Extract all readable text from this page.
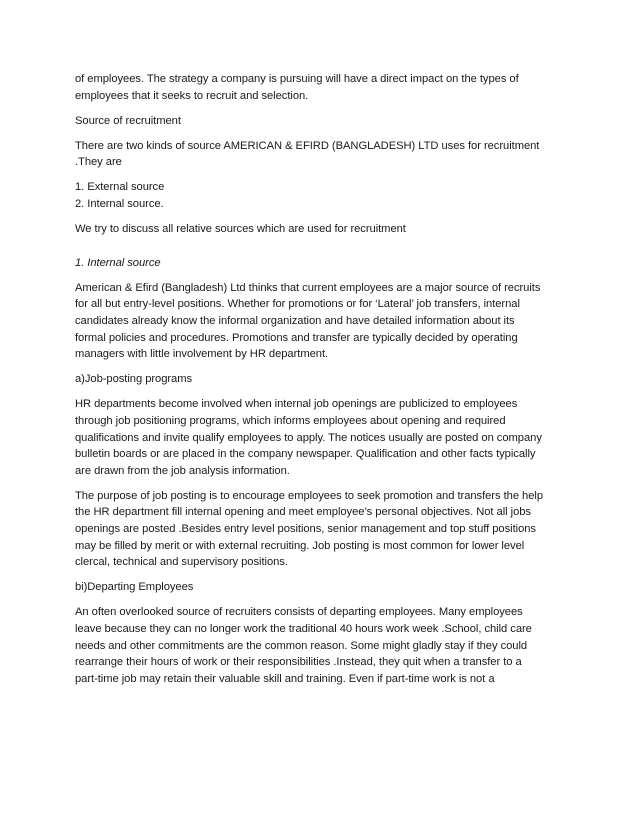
of employees. The strategy a company is pursuing will have a direct impact on the types of
employees that it seeks to recruit and selection.
Source of recruitment
There are two kinds of source AMERICAN & EFIRD (BANGLADESH) LTD uses for recruitment
.They are
1. External source
2. Internal source.
We try to discuss all relative sources which are used for recruitment
1. Internal source
American & Efird (Bangladesh) Ltd thinks that current employees are a major source of recruits
for all but entry-level positions. Whether for promotions or for ‘Lateral’ job transfers, internal
candidates already know the informal organization and have detailed information about its
formal policies and procedures. Promotions and transfer are typically decided by operating
managers with little involvement by HR department.
a)Job-posting programs
HR departments become involved when internal job openings are publicized to employees
through job positioning programs, which informs employees about opening and required
qualifications and invite qualify employees to apply. The notices usually are posted on company
bulletin boards or are placed in the company newspaper. Qualification and other facts typically
are drawn from the job analysis information.
The purpose of job posting is to encourage employees to seek promotion and transfers the help
the HR department fill internal opening and meet employee’s personal objectives. Not all jobs
openings are posted .Besides entry level positions, senior management and top stuff positions
may be filled by merit or with external recruiting. Job posting is most common for lower level
clercal, technical and supervisory positions.
bi)Departing Employees
An often overlooked source of recruiters consists of departing employees. Many employees
leave because they can no longer work the traditional 40 hours work week .School, child care
needs and other commitments are the common reason. Some might gladly stay if they could
rearrange their hours of work or their responsibilities .Instead, they quit when a transfer to a
part-time job may retain their valuable skill and training. Even if part-time work is not a
